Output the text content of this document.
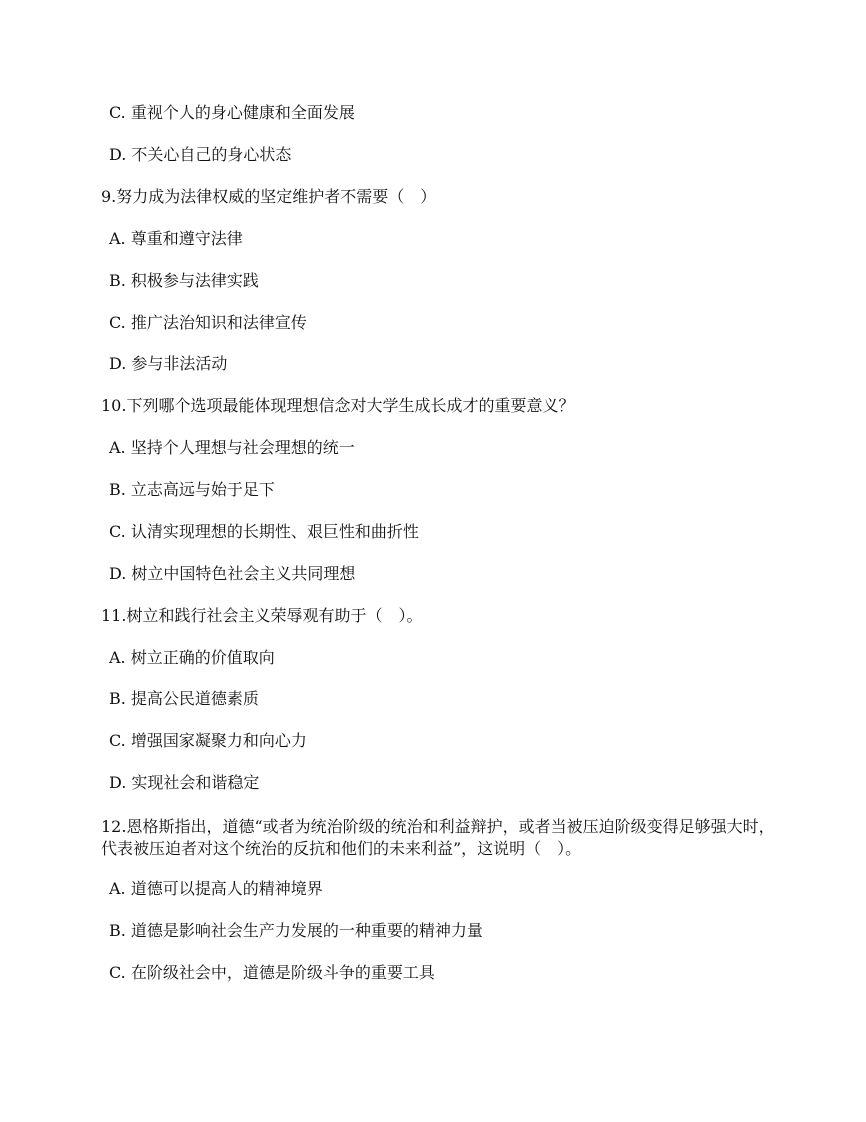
C. 重视个人的身心健康和全面发展
D. 不关心自己的身心状态
9.努力成为法律权威的坚定维护者不需要（　）
A. 尊重和遵守法律
B. 积极参与法律实践
C. 推广法治知识和法律宣传
D. 参与非法活动
10.下列哪个选项最能体现理想信念对大学生成长成才的重要意义？
A. 坚持个人理想与社会理想的统一
B. 立志高远与始于足下
C. 认清实现理想的长期性、艰巨性和曲折性
D. 树立中国特色社会主义共同理想
11.树立和践行社会主义荣辱观有助于（　）。
A. 树立正确的价值取向
B. 提高公民道德素质
C. 增强国家凝聚力和向心力
D. 实现社会和谐稳定
12.恩格斯指出，道德“或者为统治阶级的统治和利益辩护，或者当被压迫阶级变得足够强大时，代表被压迫者对这个统治的反抗和他们的未来利益”，这说明（　）。
A. 道德可以提高人的精神境界
B. 道德是影响社会生产力发展的一种重要的精神力量
C. 在阶级社会中，道德是阶级斗争的重要工具
